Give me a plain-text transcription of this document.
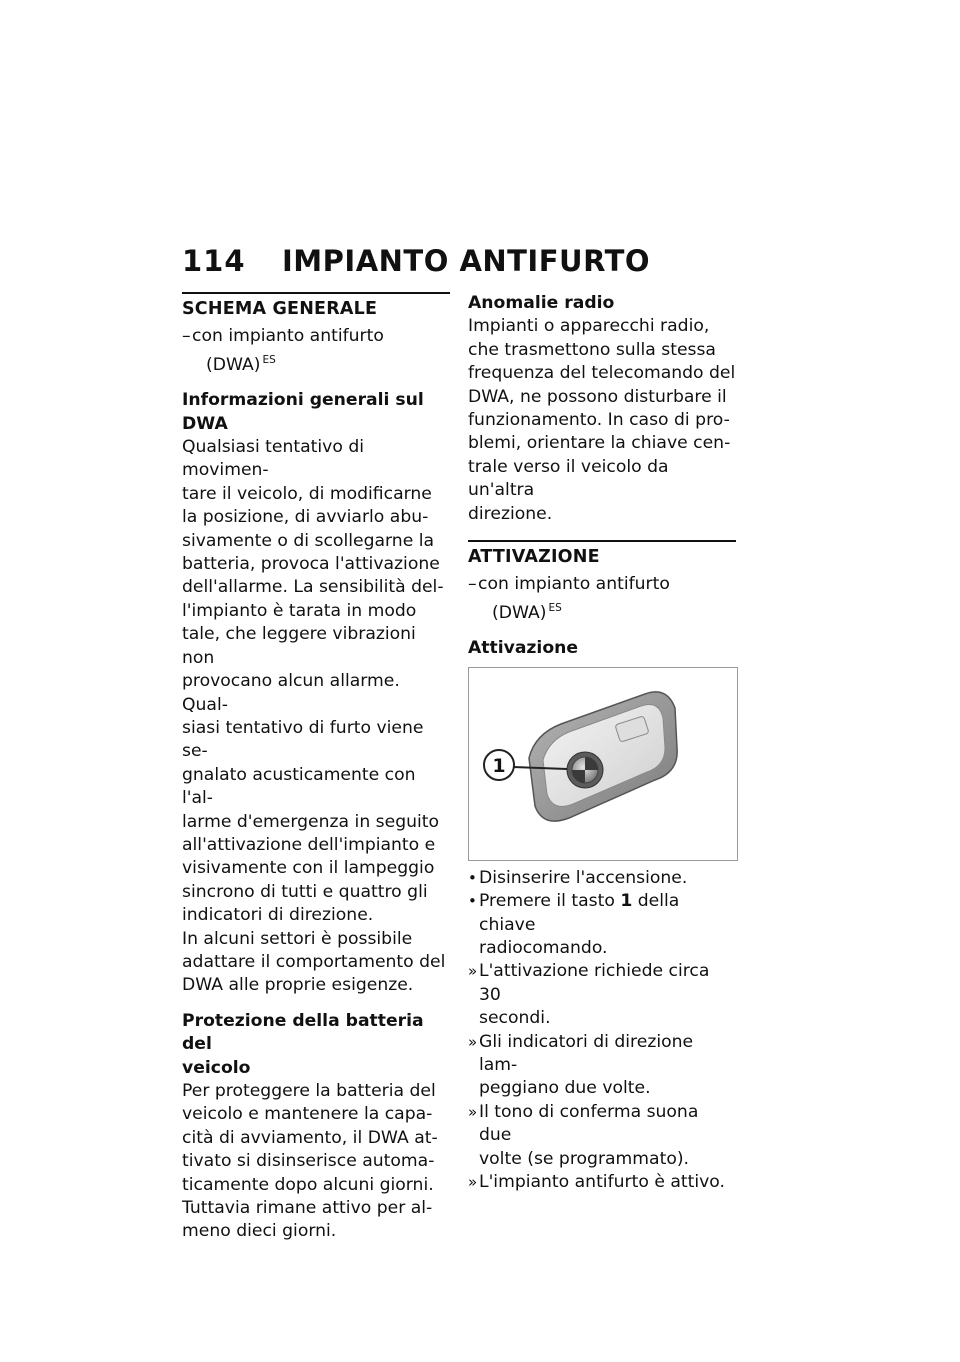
114	IMPIANTO ANTIFURTO
SCHEMA GENERALE
– con impianto antifurto
(DWA) $^{ES}$
Informazioni generali sul DWA
Qualsiasi tentativo di movimen-
tare il veicolo, di modificarne
la posizione, di avviarlo abu-
sivamente o di scollegarne la
batteria, provoca l'attivazione
dell'allarme. La sensibilità del-
l'impianto è tarata in modo
tale, che leggere vibrazioni non
provocano alcun allarme. Qual-
siasi tentativo di furto viene se-
gnalato acusticamente con l'al-
larme d'emergenza in seguito
all'attivazione dell'impianto e
visivamente con il lampeggio
sincrono di tutti e quattro gli
indicatori di direzione.
In alcuni settori è possibile
adattare il comportamento del
DWA alle proprie esigenze.
Protezione della batteria del
veicolo
Per proteggere la batteria del
veicolo e mantenere la capa-
cità di avviamento, il DWA at-
tivato si disinserisce automa-
ticamente dopo alcuni giorni.
Tuttavia rimane attivo per al-
meno dieci giorni.
Anomalie radio
Impianti o apparecchi radio,
che trasmettono sulla stessa
frequenza del telecomando del
DWA, ne possono disturbare il
funzionamento. In caso di pro-
blemi, orientare la chiave cen-
trale verso il veicolo da un'altra
direzione.
ATTIVAZIONE
– con impianto antifurto
(DWA) $^{ES}$
Attivazione
1
• Disinserire l'accensione.
• Premere il tasto 1 della chiave
radiocomando.
» L'attivazione richiede circa 30
secondi.
» Gli indicatori di direzione lam-
peggiano due volte.
» Il tono di conferma suona due
volte (se programmato).
» L'impianto antifurto è attivo.
